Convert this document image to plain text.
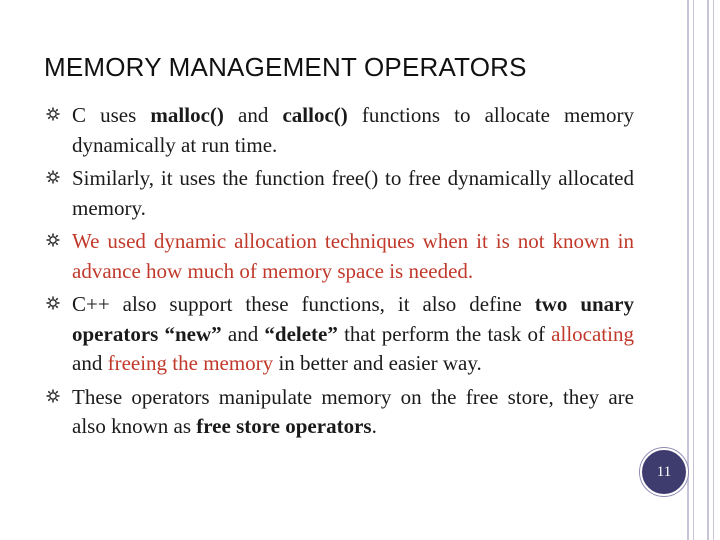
MEMORY MANAGEMENT OPERATORS
C uses malloc() and calloc() functions to allocate memory dynamically at run time.
Similarly, it uses the function free() to free dynamically allocated memory.
We used dynamic allocation techniques when it is not known in advance how much of memory space is needed.
C++ also support these functions, it also define two unary operators “new” and “delete” that perform the task of allocating and freeing the memory in better and easier way.
These operators manipulate memory on the free store, they are also known as free store operators.
11
